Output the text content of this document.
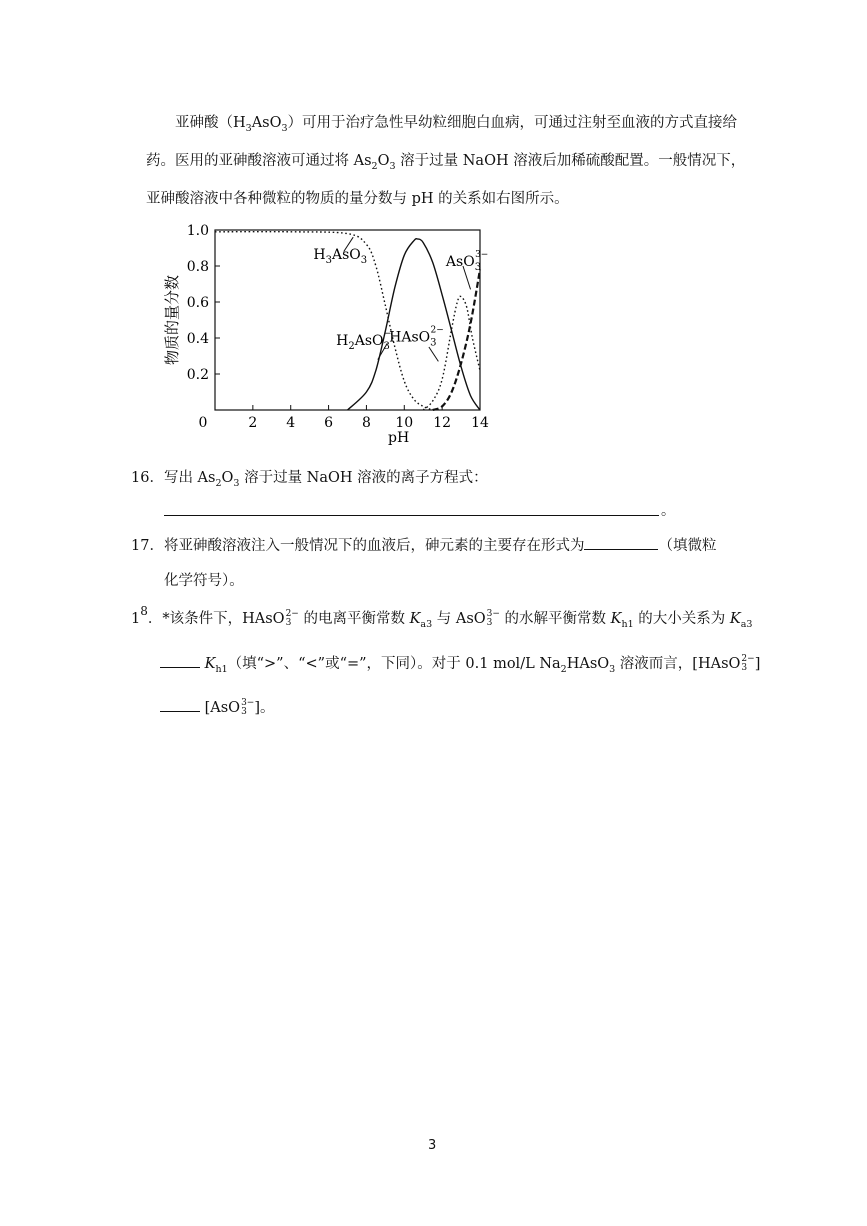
亚砷酸$(H_3AsO_3)$可用于治疗急性早幼粒细胞白血病，可通过注射至血液的方式直接给

药。医用的亚砷酸溶液可通过将 $As_2O_3$ 溶于过量 NaOH 溶液后加稀硫酸配置。一般情况下，

亚砷酸溶液中各种微粒的物质的量分数与 pH 的关系如右图所示。

0	2 4 6 8 10 12 14
0.2
0.4
0.6
0.8
1.0
pH
物质的量分数
$H_3AsO_3$
$H_2AsO_3-$
HAsO$_3$2−
AsO$_3$3−
16．写出 $As_2O_3$ 溶于过量 NaOH 溶液的离子方程式：
。
17．将亚砷酸溶液注入一般情况下的血液后，砷元素的主要存在形式为	（填微粒
化学符号）。
$1^8$．*该条件下，HAsO 2−
3 的电离平衡常数 $K_{a3}$ 与 AsO 3−
3 的水解平衡常数 $K_{h1}$ 的大小关系为 $K_{a3}$
$K_{h1}$（填“>”、“<”或“=”，下同）。对于 0.1 mol/L $Na_2HAsO_3$ 溶液而言，[HAsO 2−
3 ]
[AsO 3−
3 ]。
3
